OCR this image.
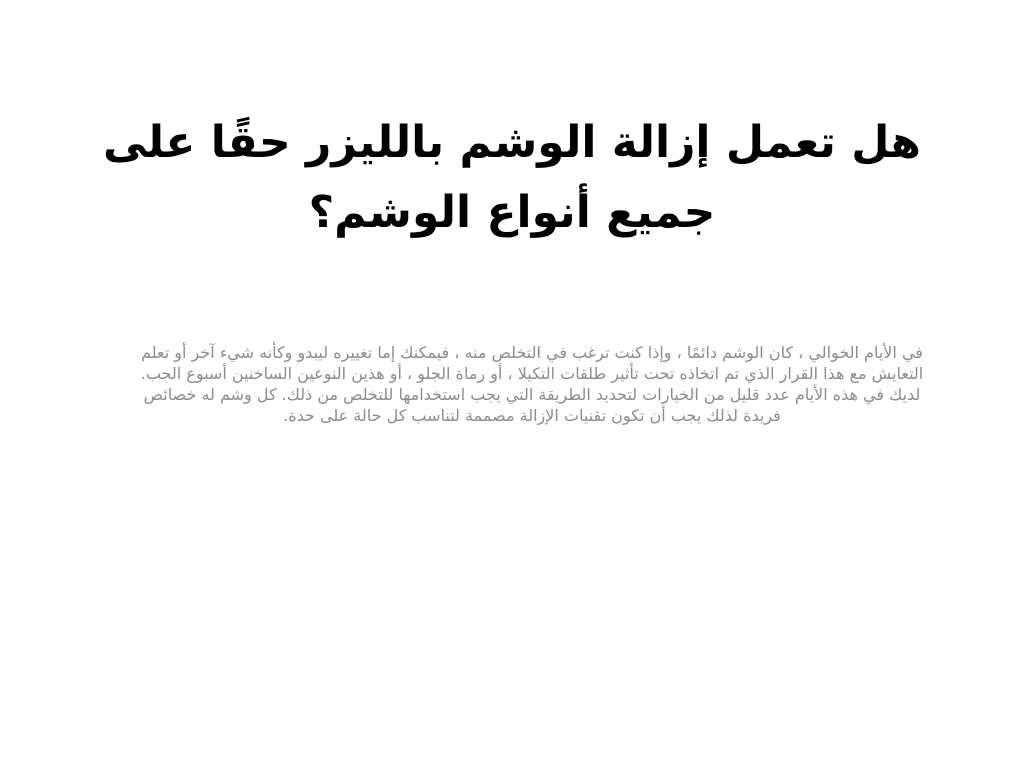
هل تعمل إزالة الوشم بالليزر حقًا على جميع أنواع الوشم؟

في الأيام الخوالي ، كان الوشم دائمًا ، وإذا كنت ترغب في التخلص منه ، فيمكنك إما تغييره ليبدو وكأنه شيء آخر أو تعلم التعايش مع هذا القرار الذي تم اتخاذه تحت تأثير طلقات التكيلا ، أو رماة الجلو ، أو هذين النوعين الساخنين أسبوع الحب. لديك في هذه الأيام عدد قليل من الخيارات لتحديد الطريقة التي يجب استخدامها للتخلص من ذلك. كل وشم له خصائص فريدة لذلك يجب أن تكون تقنيات الإزالة مصممة لتناسب كل حالة على حدة.
